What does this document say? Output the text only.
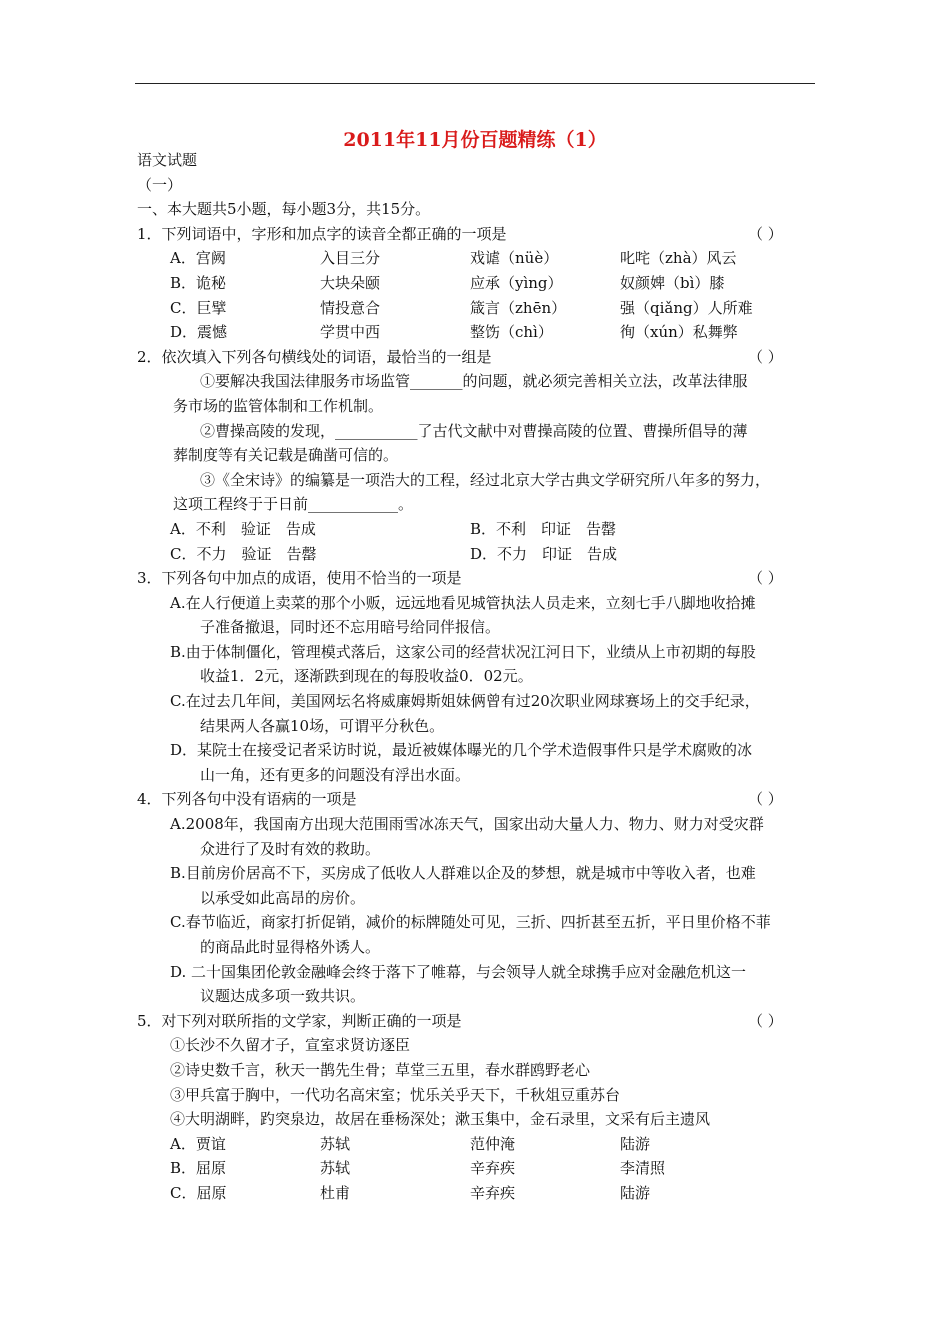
2011年11月份百题精练（1）
语文试题
（一）
一、本大题共5小题，每小题3分，共15分。
1．下列词语中，字形和加点字的读音全都正确的一项是	（ ）
A．宫阙	入目三分	戏谑（nüè）	叱咤（zhà）风云
B．诡秘	大块朵颐	应承（yìng）	奴颜婢（bì）膝
C．巨擘	情投意合	箴言（zhēn）	强（qiǎng）人所难
D．震憾	学贯中西	整饬（chì）	徇（xún）私舞弊
2．依次填入下列各句横线处的词语，最恰当的一组是	（ ）
①要解决我国法律服务市场监管_______的问题，就必须完善相关立法，改革法律服
务市场的监管体制和工作机制。
②曹操高陵的发现，___________了古代文献中对曹操高陵的位置、曹操所倡导的薄
葬制度等有关记载是确凿可信的。
③《全宋诗》的编纂是一项浩大的工程，经过北京大学古典文学研究所八年多的努力，
这项工程终于于日前____________。
A．不利　验证　告成	B．不利　印证　告罄
C．不力　验证　告罄	D．不力　印证　告成
3．下列各句中加点的成语，使用不恰当的一项是	（ ）
A.在人行便道上卖菜的那个小贩，远远地看见城管执法人员走来，立刻七手八脚地收拾摊
子准备撤退，同时还不忘用暗号给同伴报信。
B.由于体制僵化，管理模式落后，这家公司的经营状况江河日下，业绩从上市初期的每股
收益1．2元，逐渐跌到现在的每股收益0．02元。
C.在过去几年间，美国网坛名将威廉姆斯姐妹俩曾有过20次职业网球赛场上的交手纪录，
结果两人各赢10场，可谓平分秋色。
D．某院士在接受记者采访时说，最近被媒体曝光的几个学术造假事件只是学术腐败的冰
山一角，还有更多的问题没有浮出水面。
4．下列各句中没有语病的一项是	（ ）
A.2008年，我国南方出现大范围雨雪冰冻天气，国家出动大量人力、物力、财力对受灾群
众进行了及时有效的救助。
B.目前房价居高不下，买房成了低收人人群难以企及的梦想，就是城市中等收入者，也难
以承受如此高昂的房价。
C.春节临近，商家打折促销，减价的标牌随处可见，三折、四折甚至五折，平日里价格不菲
的商品此时显得格外诱人。
D. 二十国集团伦敦金融峰会终于落下了帷幕，与会领导人就全球携手应对金融危机这一
议题达成多项一致共识。
5．对下列对联所指的文学家，判断正确的一项是	（ ）
①长沙不久留才子，宣室求贤访逐臣
②诗史数千言，秋天一鹊先生骨；草堂三五里，春水群鸥野老心
③甲兵富于胸中，一代功名高宋室；忧乐关乎天下，千秋俎豆重苏台
④大明湖畔，趵突泉边，故居在垂杨深处；漱玉集中，金石录里，文采有后主遗风
A．贾谊	苏轼	范仲淹	陆游
B．屈原	苏轼	辛弃疾	李清照
C．屈原	杜甫	辛弃疾	陆游
